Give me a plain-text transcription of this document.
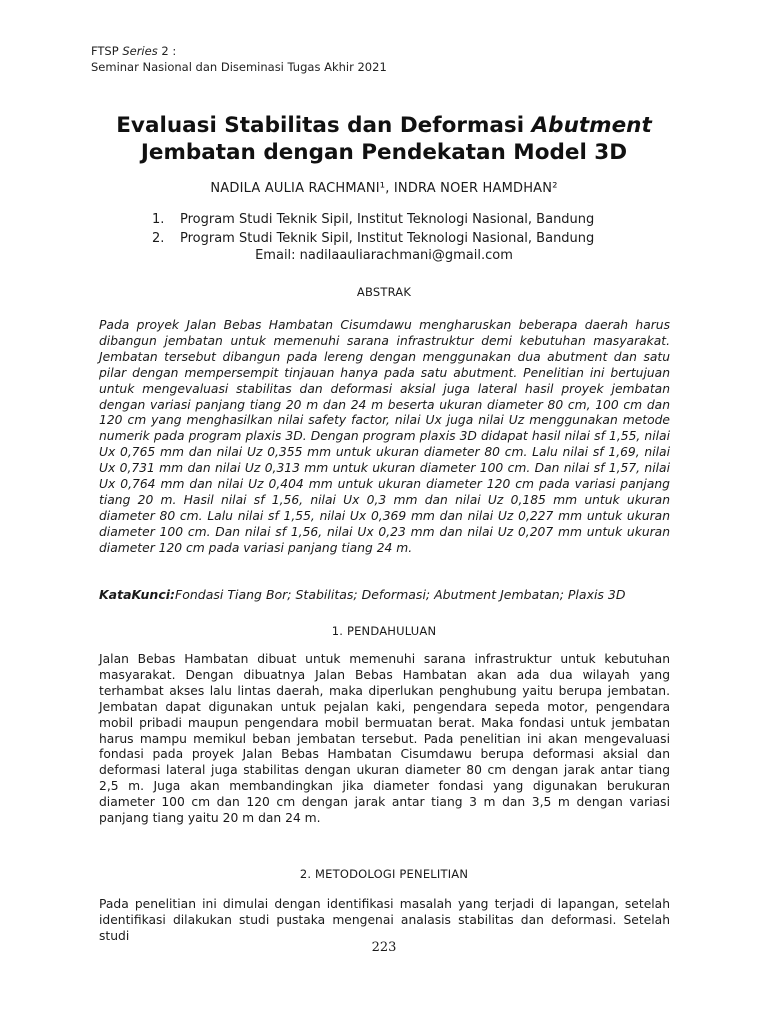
FTSP Series 2 :
Seminar Nasional dan Diseminasi Tugas Akhir 2021
Evaluasi Stabilitas dan Deformasi Abutment
Jembatan dengan Pendekatan Model 3D
NADILA AULIA RACHMANI¹, INDRA NOER HAMDHAN²
1. Program Studi Teknik Sipil, Institut Teknologi Nasional, Bandung
2. Program Studi Teknik Sipil, Institut Teknologi Nasional, Bandung
Email: nadilaauliarachmani@gmail.com
ABSTRAK

Pada proyek Jalan Bebas Hambatan Cisumdawu mengharuskan beberapa daerah harus dibangun jembatan untuk memenuhi sarana infrastruktur demi kebutuhan masyarakat. Jembatan tersebut dibangun pada lereng dengan menggunakan dua abutment dan satu pilar dengan mempersempit tinjauan hanya pada satu abutment. Penelitian ini bertujuan untuk mengevaluasi stabilitas dan deformasi aksial juga lateral hasil proyek jembatan dengan variasi panjang tiang 20 m dan 24 m beserta ukuran diameter 80 cm, 100 cm dan 120 cm yang menghasilkan nilai safety factor, nilai Ux juga nilai Uz menggunakan metode numerik pada program plaxis 3D. Dengan program plaxis 3D didapat hasil nilai sf 1,55, nilai Ux 0,765 mm dan nilai Uz 0,355 mm untuk ukuran diameter 80 cm. Lalu nilai sf 1,69, nilai Ux 0,731 mm dan nilai Uz 0,313 mm untuk ukuran diameter 100 cm. Dan nilai sf 1,57, nilai Ux 0,764 mm dan nilai Uz 0,404 mm untuk ukuran diameter 120 cm pada variasi panjang tiang 20 m. Hasil nilai sf 1,56, nilai Ux 0,3 mm dan nilai Uz 0,185 mm untuk ukuran diameter 80 cm. Lalu nilai sf 1,55, nilai Ux 0,369 mm dan nilai Uz 0,227 mm untuk ukuran diameter 100 cm. Dan nilai sf 1,56, nilai Ux 0,23 mm dan nilai Uz 0,207 mm untuk ukuran diameter 120 cm pada variasi panjang tiang 24 m.

KataKunci:Fondasi Tiang Bor; Stabilitas; Deformasi; Abutment Jembatan; Plaxis 3D
1. PENDAHULUAN

Jalan Bebas Hambatan dibuat untuk memenuhi sarana infrastruktur untuk kebutuhan masyarakat. Dengan dibuatnya Jalan Bebas Hambatan akan ada dua wilayah yang terhambat akses lalu lintas daerah, maka diperlukan penghubung yaitu berupa jembatan. Jembatan dapat digunakan untuk pejalan kaki, pengendara sepeda motor, pengendara mobil pribadi maupun pengendara mobil bermuatan berat. Maka fondasi untuk jembatan harus mampu memikul beban jembatan tersebut. Pada penelitian ini akan mengevaluasi fondasi pada proyek Jalan Bebas Hambatan Cisumdawu berupa deformasi aksial dan deformasi lateral juga stabilitas dengan ukuran diameter 80 cm dengan jarak antar tiang 2,5 m. Juga akan membandingkan jika diameter fondasi yang digunakan berukuran diameter 100 cm dan 120 cm dengan jarak antar tiang 3 m dan 3,5 m dengan variasi panjang tiang yaitu 20 m dan 24 m.

2. METODOLOGI PENELITIAN

Pada penelitian ini dimulai dengan identifikasi masalah yang terjadi di lapangan, setelah identifikasi dilakukan studi pustaka mengenai analasis stabilitas dan deformasi. Setelah studi

223
